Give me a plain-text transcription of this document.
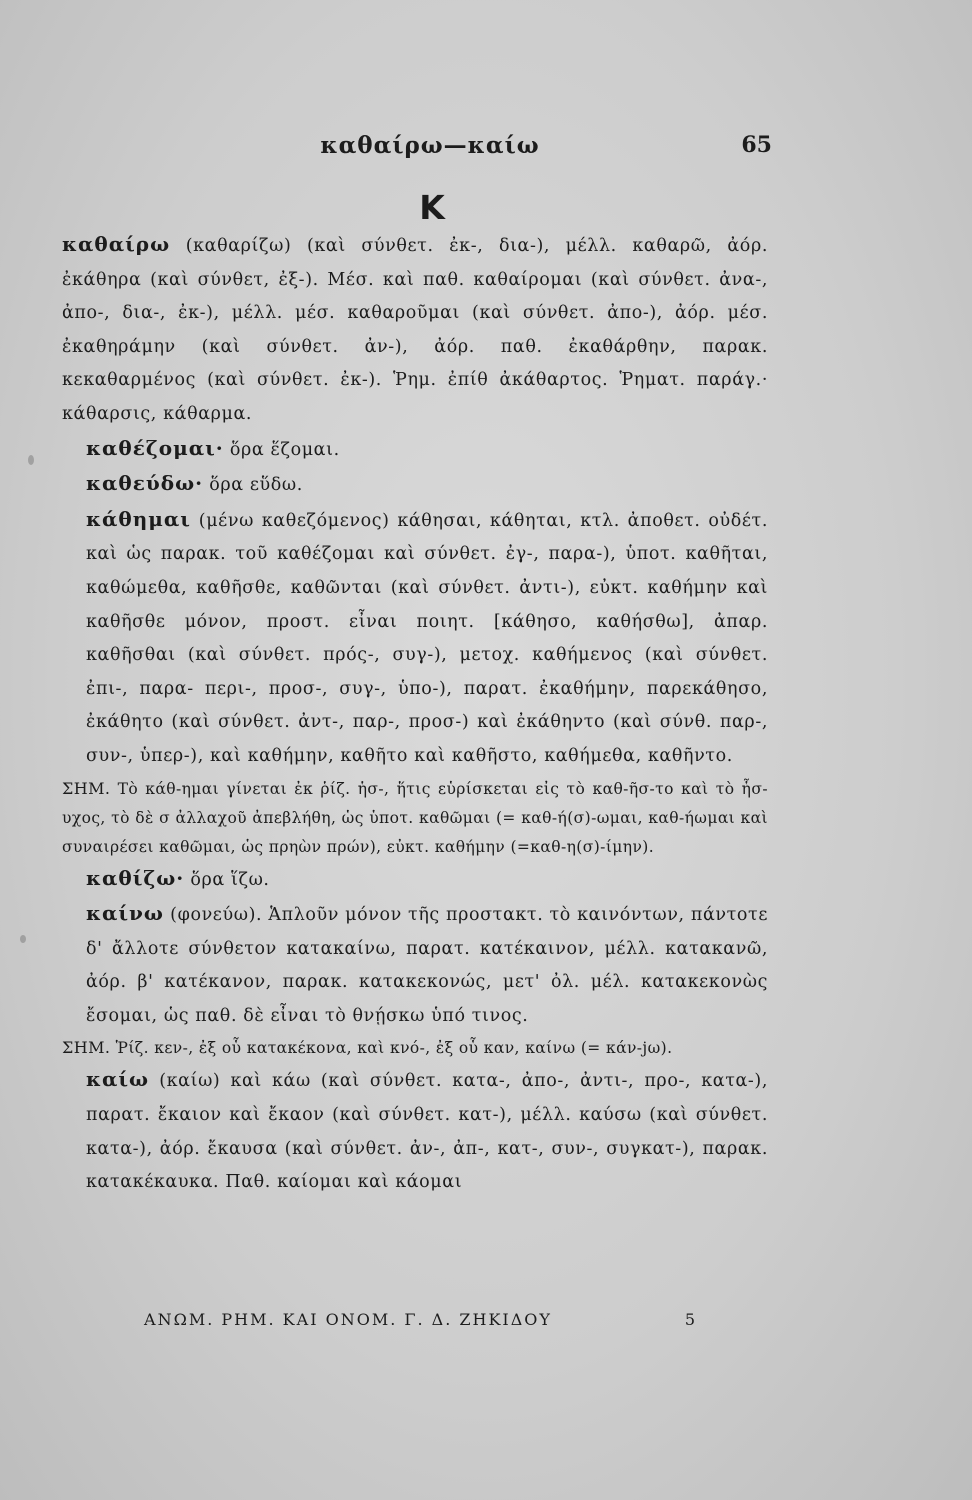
καθαίρω—καίω	65
K

καθαίρω (καθαρίζω) (καὶ σύνθετ. ἐκ-, δια-), μέλλ. καθαρῶ, ἀόρ. ἐκάθηρα (καὶ σύνθετ, ἐξ-). Μέσ. καὶ παθ. καθαίρομαι (καὶ σύνθετ. ἀνα-, ἀπο-, δια-, ἐκ-), μέλλ. μέσ. καθαροῦμαι (καὶ σύνθετ. ἀπο-), ἀόρ. μέσ. ἐκαθηράμην (καὶ σύνθετ. ἀν-), ἀόρ. παθ. ἐκαθάρθην, παρακ. κεκαθαρμένος (καὶ σύνθετ. ἐκ-). Ῥημ. ἐπίθ ἀκάθαρτος. Ῥηματ. παράγ.· κάθαρσις, κάθαρμα.

καθέζομαι· ὅρα ἕζομαι.

καθεύδω· ὅρα εὕδω.

κάθημαι (μένω καθεζόμενος) κάθησαι, κάθηται, κτλ. ἀποθετ. οὐδέτ. καὶ ὡς παρακ. τοῦ καθέζομαι καὶ σύνθετ. ἐγ-, παρα-), ὑποτ. καθῆται, καθώμεθα, καθῆσθε, καθῶνται (καὶ σύνθετ. ἀντι-), εὐκτ. καθήμην καὶ καθῆσθε μόνον, προστ. εἶναι ποιητ. [κάθησο, καθήσθω], ἀπαρ. καθῆσθαι (καὶ σύνθετ. πρός-, συγ-), μετοχ. καθήμενος (καὶ σύνθετ. ἐπι-, παρα- περι-, προσ-, συγ-, ὑπο-), παρατ. ἐκαθήμην, παρεκάθησο, ἐκάθητο (καὶ σύνθετ. ἀντ-, παρ-, προσ-) καὶ ἐκάθηντο (καὶ σύνθ. παρ-, συν-, ὑπερ-), καὶ καθήμην, καθῆτο καὶ καθῆστο, καθήμεθα, καθῆντο.

ΣΗΜ. Τὸ κάθ-ημαι γίνεται ἐκ ῥίζ. ἡσ-, ἥτις εὑρίσκεται εἰς τὸ καθ-ῆσ-το καὶ τὸ ἧσ-υχος, τὸ δὲ σ ἀλλαχοῦ ἀπεβλήθη, ὡς ὑποτ. καθῶμαι (= καθ-ή(σ)-ωμαι, καθ-ήωμαι καὶ συναιρέσει καθῶμαι, ὡς πρηὼν πρών), εὐκτ. καθήμην (=καθ-η(σ)-ίμην).

καθίζω· ὅρα ἵζω.

καίνω (φονεύω). Ἁπλοῦν μόνον τῆς προστακτ. τὸ καινόντων, πάντοτε δ' ἄλλοτε σύνθετον κατακαίνω, παρατ. κατέκαινον, μέλλ. κατακανῶ, ἀόρ. β' κατέκανον, παρακ. κατακεκονώς, μετ' ὀλ. μέλ. κατακεκονὼς ἔσομαι, ὡς παθ. δὲ εἶναι τὸ θνῄσκω ὑπό τινος.

ΣΗΜ. Ῥίζ. κεν-, ἐξ οὗ κατακέκονα, καὶ κνό-, ἐξ οὗ καν, καίνω (= κάν-jω).

καίω (καίω) καὶ κάω (καὶ σύνθετ. κατα-, ἀπο-, ἀντι-, προ-, κατα-), παρατ. ἔκαιον καὶ ἔκαον (καὶ σύνθετ. κατ-), μέλλ. καύσω (καὶ σύνθετ. κατα-), ἀόρ. ἔκαυσα (καὶ σύνθετ. ἀν-, ἀπ-, κατ-, συν-, συγκατ-), παρακ. κατακέκαυκα. Παθ. καίομαι καὶ κάομαι

ΑΝΩΜ. ΡΗΜ. ΚΑΙ ΟΝΟΜ. Γ. Δ. ΖΗΚΙΔΟΥ	5
